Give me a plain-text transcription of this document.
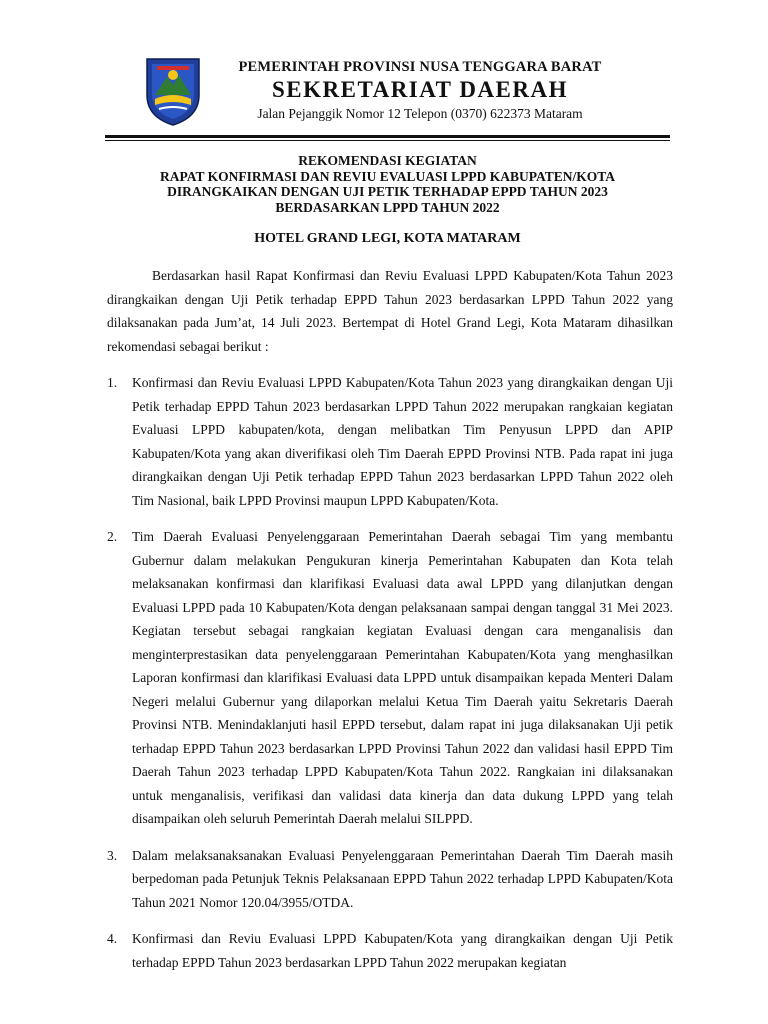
PEMERINTAH PROVINSI NUSA TENGGARA BARAT
SEKRETARIAT DAERAH
Jalan Pejanggik Nomor 12 Telepon (0370) 622373 Mataram
REKOMENDASI KEGIATAN
RAPAT KONFIRMASI DAN REVIU EVALUASI LPPD KABUPATEN/KOTA
DIRANGKAIKAN DENGAN UJI PETIK TERHADAP EPPD TAHUN 2023
BERDASARKAN LPPD TAHUN 2022
HOTEL GRAND LEGI, KOTA MATARAM

Berdasarkan hasil Rapat Konfirmasi dan Reviu Evaluasi LPPD Kabupaten/Kota Tahun 2023 dirangkaikan dengan Uji Petik terhadap EPPD Tahun 2023 berdasarkan LPPD Tahun 2022 yang dilaksanakan pada Jum’at, 14 Juli 2023. Bertempat di Hotel Grand Legi, Kota Mataram dihasilkan rekomendasi sebagai berikut :

1. Konfirmasi dan Reviu Evaluasi LPPD Kabupaten/Kota Tahun 2023 yang dirangkaikan dengan Uji Petik terhadap EPPD Tahun 2023 berdasarkan LPPD Tahun 2022 merupakan rangkaian kegiatan Evaluasi LPPD kabupaten/kota, dengan melibatkan Tim Penyusun LPPD dan APIP Kabupaten/Kota yang akan diverifikasi oleh Tim Daerah EPPD Provinsi NTB. Pada rapat ini juga dirangkaikan dengan Uji Petik terhadap EPPD Tahun 2023 berdasarkan LPPD Tahun 2022 oleh Tim Nasional, baik LPPD Provinsi maupun LPPD Kabupaten/Kota.
2. Tim Daerah Evaluasi Penyelenggaraan Pemerintahan Daerah sebagai Tim yang membantu Gubernur dalam melakukan Pengukuran kinerja Pemerintahan Kabupaten dan Kota telah melaksanakan konfirmasi dan klarifikasi Evaluasi data awal LPPD yang dilanjutkan dengan Evaluasi LPPD pada 10 Kabupaten/Kota dengan pelaksanaan sampai dengan tanggal 31 Mei 2023. Kegiatan tersebut sebagai rangkaian kegiatan Evaluasi dengan cara menganalisis dan menginterprestasikan data penyelenggaraan Pemerintahan Kabupaten/Kota yang menghasilkan Laporan konfirmasi dan klarifikasi Evaluasi data LPPD untuk disampaikan kepada Menteri Dalam Negeri melalui Gubernur yang dilaporkan melalui Ketua Tim Daerah yaitu Sekretaris Daerah Provinsi NTB. Menindaklanjuti hasil EPPD tersebut, dalam rapat ini juga dilaksanakan Uji petik terhadap EPPD Tahun 2023 berdasarkan LPPD Provinsi Tahun 2022 dan validasi hasil EPPD Tim Daerah Tahun 2023 terhadap LPPD Kabupaten/Kota Tahun 2022. Rangkaian ini dilaksanakan untuk menganalisis, verifikasi dan validasi data kinerja dan data dukung LPPD yang telah disampaikan oleh seluruh Pemerintah Daerah melalui SILPPD.
3. Dalam melaksanaksanakan Evaluasi Penyelenggaraan Pemerintahan Daerah Tim Daerah masih berpedoman pada Petunjuk Teknis Pelaksanaan EPPD Tahun 2022 terhadap LPPD Kabupaten/Kota Tahun 2021 Nomor 120.04/3955/OTDA.
4. Konfirmasi dan Reviu Evaluasi LPPD Kabupaten/Kota yang dirangkaikan dengan Uji Petik terhadap EPPD Tahun 2023 berdasarkan LPPD Tahun 2022 merupakan kegiatan
